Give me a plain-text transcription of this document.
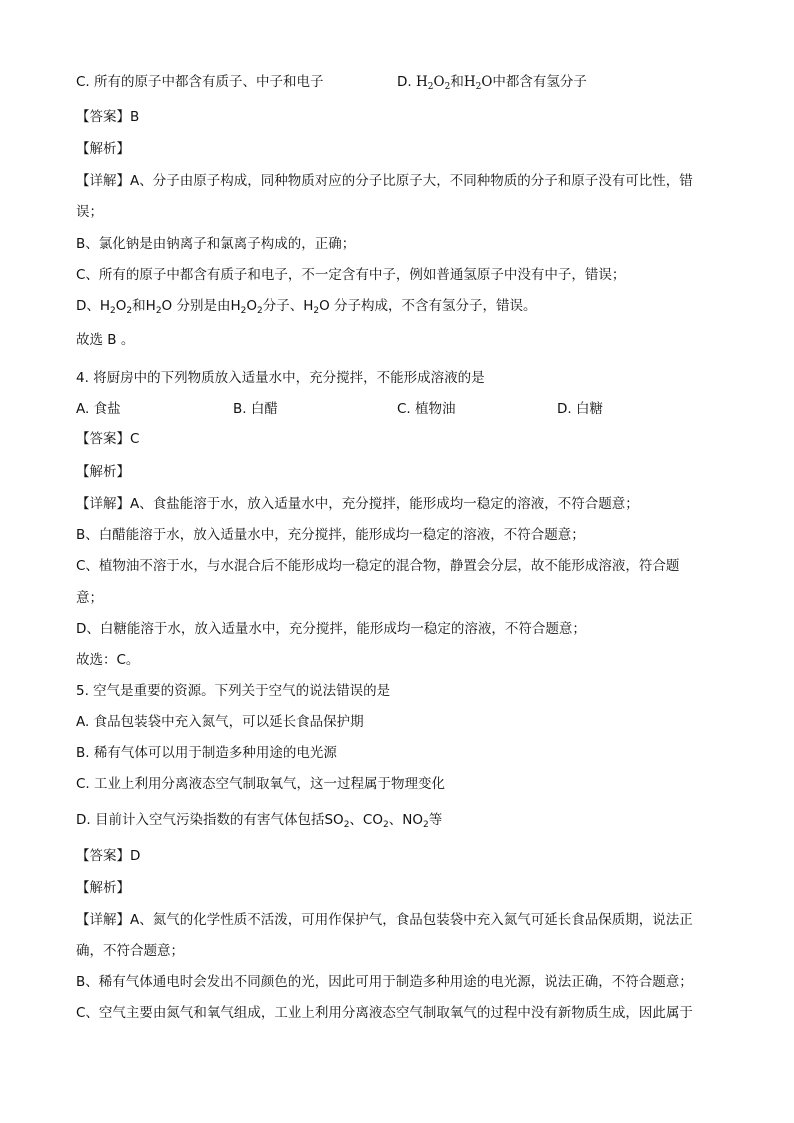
C. 所有的原子中都含有质子、中子和电子	D. $H_2O_2$和$H_2O$中都含有氢分子
【答案】B
【解析】
【详解】A、分子由原子构成，同种物质对应的分子比原子大，不同种物质的分子和原子没有可比性，错
误；
B、氯化钠是由钠离子和氯离子构成的，正确；
C、所有的原子中都含有质子和电子，不一定含有中子，例如普通氢原子中没有中子，错误；
D、$H_2O_2$和$H_2O$ 分别是由$H_2O_2$分子、$H_2O$ 分子构成，不含有氢分子，错误。
故选 B 。
4. 将厨房中的下列物质放入适量水中，充分搅拌，不能形成溶液的是
A. 食盐	B. 白醋	C. 植物油	D. 白糖
【答案】C
【解析】
【详解】A、食盐能溶于水，放入适量水中，充分搅拌，能形成均一稳定的溶液，不符合题意；
B、白醋能溶于水，放入适量水中，充分搅拌，能形成均一稳定的溶液，不符合题意；
C、植物油不溶于水，与水混合后不能形成均一稳定的混合物，静置会分层，故不能形成溶液，符合题
意；
D、白糖能溶于水，放入适量水中，充分搅拌，能形成均一稳定的溶液，不符合题意；
故选：C。
5. 空气是重要的资源。下列关于空气的说法错误的是
A. 食品包装袋中充入氮气，可以延长食品保护期
B. 稀有气体可以用于制造多种用途的电光源
C. 工业上利用分离液态空气制取氧气，这一过程属于物理变化
D. 目前计入空气污染指数的有害气体包括$SO_2$、$CO_2$、$NO_2$等
【答案】D
【解析】
【详解】A、氮气的化学性质不活泼，可用作保护气，食品包装袋中充入氮气可延长食品保质期，说法正
确，不符合题意；
B、稀有气体通电时会发出不同颜色的光，因此可用于制造多种用途的电光源，说法正确，不符合题意；
C、空气主要由氮气和氧气组成，工业上利用分离液态空气制取氧气的过程中没有新物质生成，因此属于
